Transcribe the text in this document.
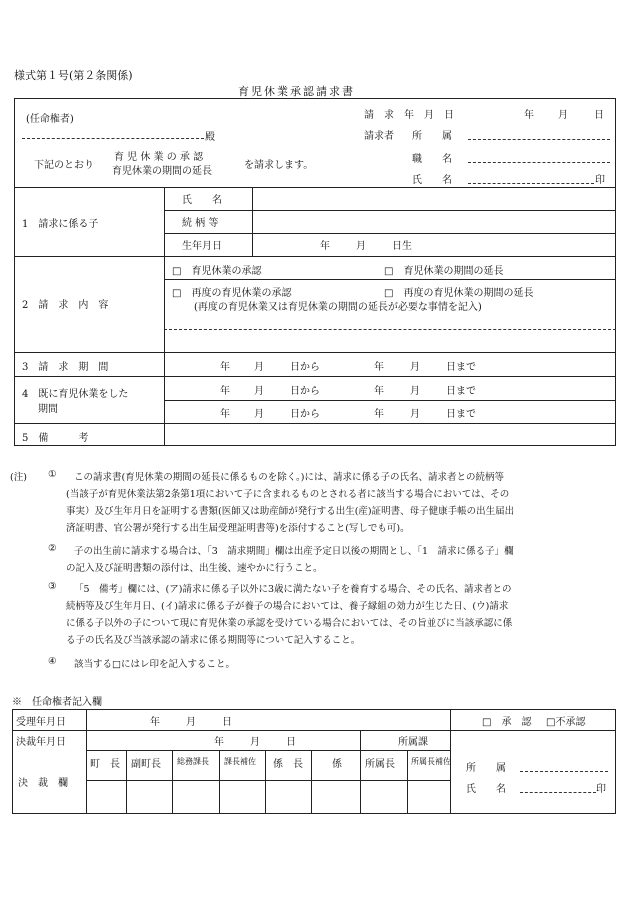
様式第１号(第２条関係)
育児休業承認請求書
(任命権者)
殿
請　求　年　月　日	年 月	日
請求者 所　　属
下記のとおり
育 児 休 業 の 承 認
育児休業の期間の延長
を請求します。
職　　名
氏　　名	印
1　請求に係る子
氏　　名
続 柄 等
生年月日	年	月	日生
2　請　求　内　容
□　育児休業の承認	□　育児休業の期間の延長
□　再度の育児休業の承認	□　再度の育児休業の期間の延長
(再度の育児休業又は育児休業の期間の延長が必要な事情を記入)
3　請　求　期　間	年 月	日から	年	月	日まで
4　既に育児休業をした
期間
年 月	日から	年	月	日まで
年 月	日から	年	月	日まで
5　備　　　考
(注) ① この請求書(育児休業の期間の延長に係るものを除く。)には、請求に係る子の氏名、請求者との続柄等
(当該子が育児休業法第2条第1項において子に含まれるものとされる者に該当する場合においては、その
事実）及び生年月日を証明する書類(医師又は助産師が発行する出生(産)証明書、母子健康手帳の出生届出
済証明書、官公署が発行する出生届受理証明書等)を添付すること(写しでも可)。
② 子の出生前に請求する場合は、「3　請求期間」欄は出産予定日以後の期間とし、「1　請求に係る子」欄
の記入及び証明書類の添付は、出生後、速やかに行うこと。
③ 「5　備考」欄には、(ア)請求に係る子以外に3歳に満たない子を養育する場合、その氏名、請求者との
続柄等及び生年月日、(イ)請求に係る子が養子の場合においては、養子縁組の効力が生じた日、(ウ)請求
に係る子以外の子について現に育児休業の承認を受けている場合においては、その旨並びに当該承認に係
る子の氏名及び当該承認の請求に係る期間等について記入すること。
④ 該当する□にはレ印を記入すること。
※　任命権者記入欄
受理年月日	年	月	日
決裁年月日	年	月	日	所属課
□　承　認 □不承認
決　裁　欄
町　長 副町長 総務課長 課長補佐 係　長	係 所属長 所属長補佐
所　　属
氏　　名	印
